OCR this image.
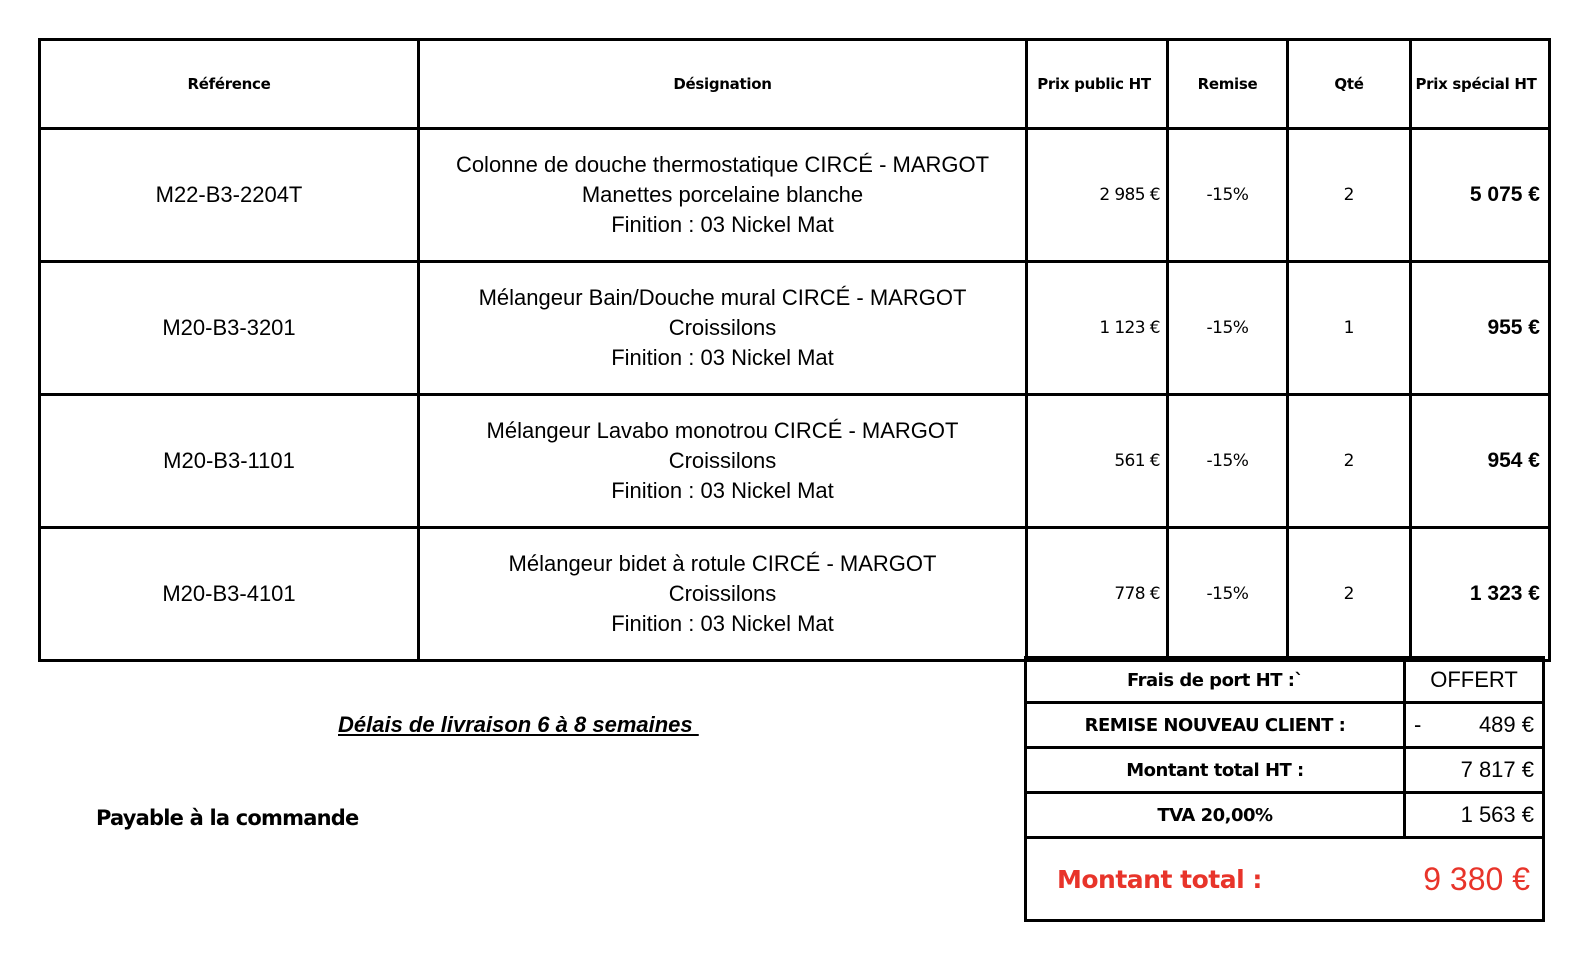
Référence	Désignation	Prix public HT	Remise	Qté	Prix spécial HT
M22-B3-2204T	Colonne de douche thermostatique CIRCÉ - MARGOT
Manettes porcelaine blanche
Finition : 03 Nickel Mat	2 985 €	-15%	2	5 075 €
M20-B3-3201	Mélangeur Bain/Douche mural CIRCÉ - MARGOT
Croissilons
Finition : 03 Nickel Mat	1 123 €	-15%	1	955 €
M20-B3-1101	Mélangeur Lavabo monotrou CIRCÉ - MARGOT
Croissilons
Finition : 03 Nickel Mat	561 €	-15%	2	954 €
M20-B3-4101	Mélangeur bidet à rotule CIRCÉ - MARGOT
Croissilons
Finition : 03 Nickel Mat	778 €	-15%	2	1 323 €
Frais de port HT :`	OFFERT
REMISE NOUVEAU CLIENT :	- 489 €

Montant total HT :	7 817 €
TVA 20,00%	1 563 €

Montant total : 9 380 €	
Délais de livraison 6 à 8 semaines
Payable à la commande
